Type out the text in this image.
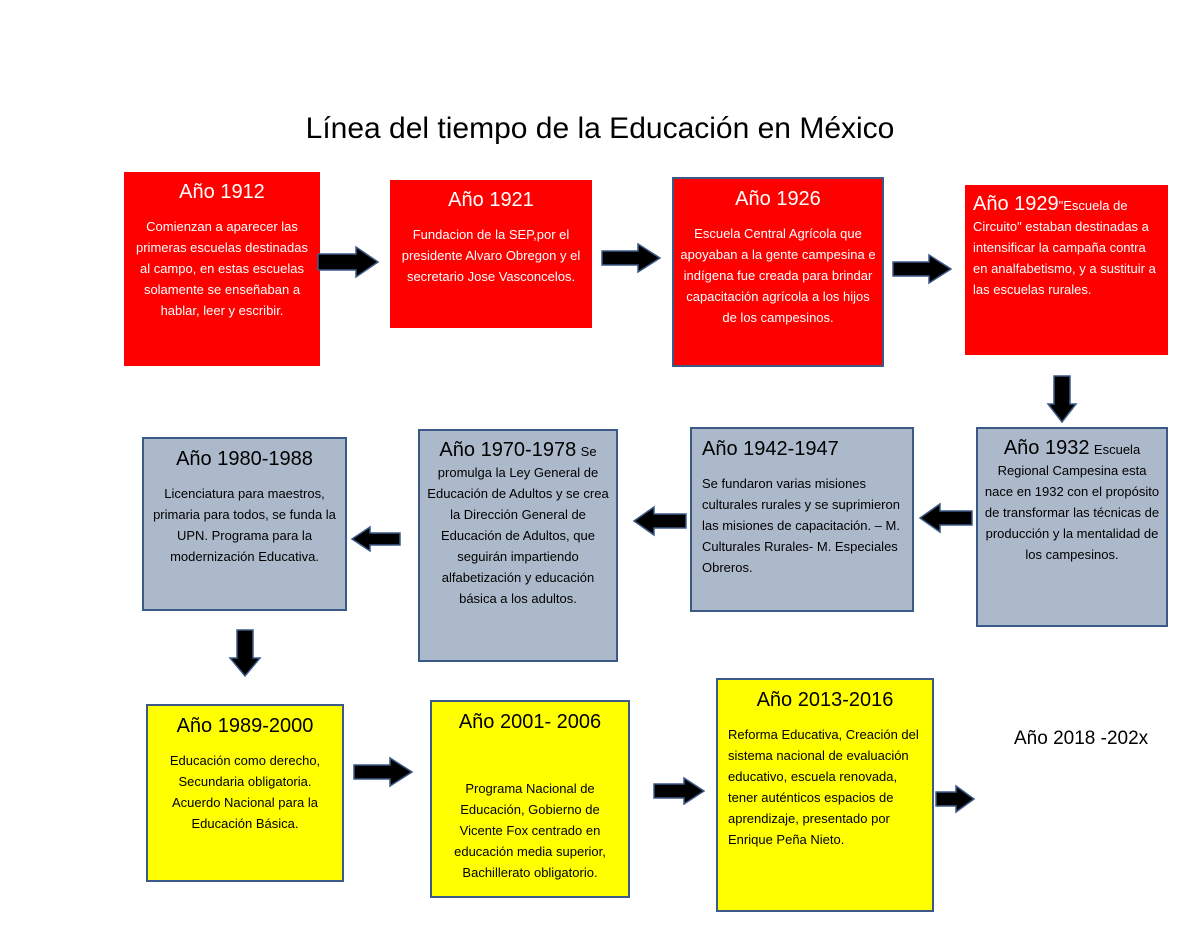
Línea del tiempo de la Educación en México
Año 1912
Comienzan a aparecer las primeras escuelas destinadas al campo, en estas escuelas solamente se enseñaban a hablar, leer y escribir.
Año 1921
Fundacion de la SEP,por el presidente Alvaro Obregon y el secretario Jose Vasconcelos.
Año 1926
Escuela Central Agrícola que apoyaban a la gente campesina e indígena fue creada para brindar capacitación agrícola a los hijos de los campesinos.
Año 1929"Escuela de Circuito" estaban destinadas a intensificar la campaña contra en analfabetismo, y a sustituir a las escuelas rurales.
Año 1932 Escuela Regional Campesina esta nace en 1932 con el propósito de transformar las técnicas de producción y la mentalidad de los campesinos.
Año 1942-1947
Se fundaron varias misiones culturales rurales y se suprimieron las misiones de capacitación. – M. Culturales Rurales- M. Especiales Obreros.
Año 1970-1978 Se promulga la Ley General de Educación de Adultos y se crea la Dirección General de Educación de Adultos, que seguirán impartiendo alfabetización y educación básica a los adultos.
Año 1980-1988
Licenciatura para maestros, primaria para todos, se funda la UPN. Programa para la modernización Educativa.
Año 1989-2000
Educación como derecho, Secundaria obligatoria. Acuerdo Nacional para la Educación Básica.
Año 2001- 2006
Programa Nacional de Educación, Gobierno de Vicente Fox centrado en educación media superior, Bachillerato obligatorio.
Año 2013-2016
Reforma Educativa, Creación del sistema nacional de evaluación educativo, escuela renovada, tener auténticos espacios de aprendizaje, presentado por Enrique Peña Nieto.
Año 2018 -202x
